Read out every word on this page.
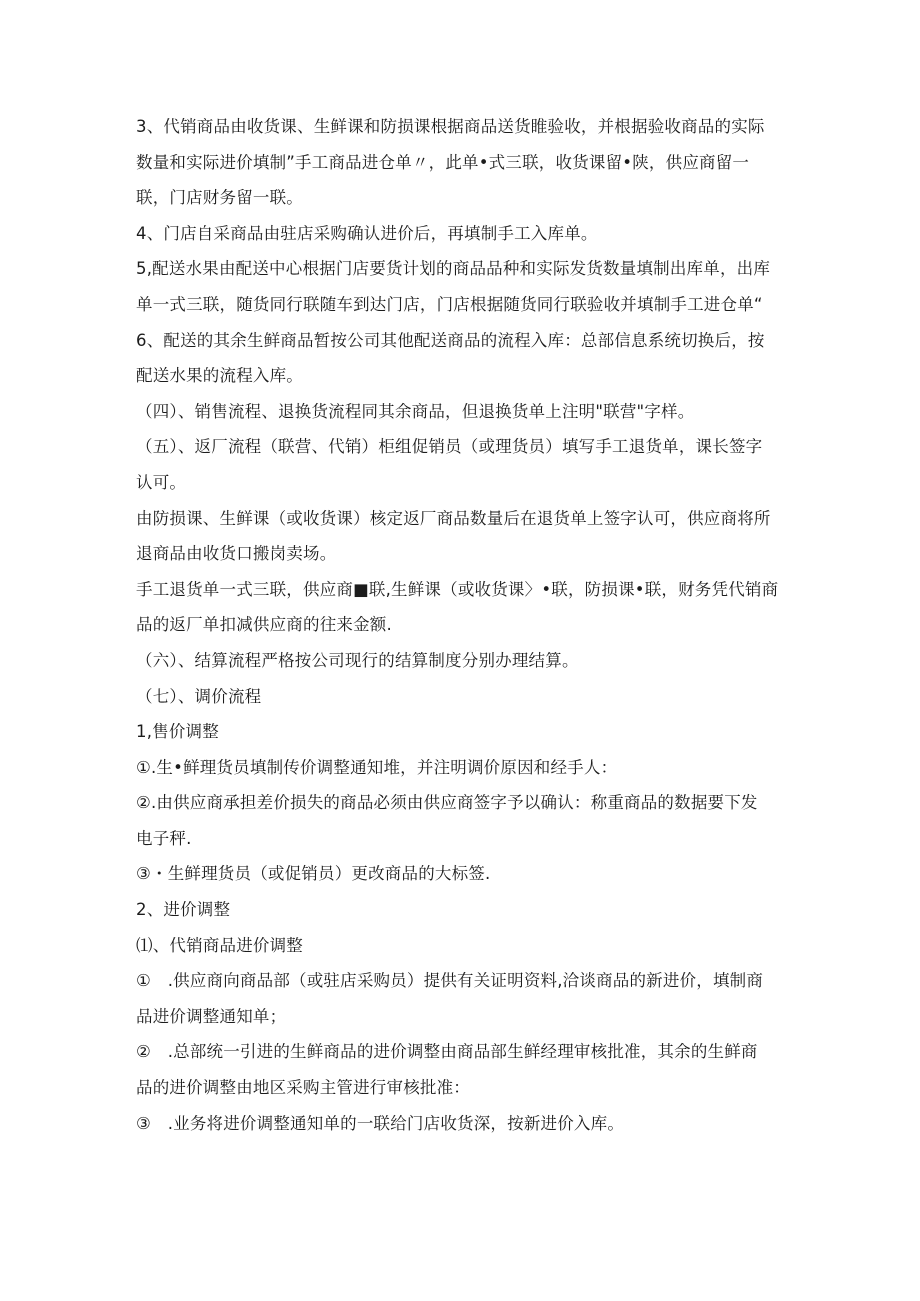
3、代销商品由收货课、生鲜课和防损课根据商品送货睢验收，并根据验收商品的实际
数量和实际进价填制”手工商品进仓单〃，此单•式三联，收货课留•陕，供应商留一
联，门店财务留一联。
4、门店自采商品由驻店采购确认进价后，再填制手工入库单。
5,配送水果由配送中心根据门店要货计划的商品品种和实际发货数量填制出库单，出库
单一式三联，随货同行联随车到达门店，门店根据随货同行联验收并填制手工进仓单“
6、配送的其余生鲜商品暂按公司其他配送商品的流程入库：总部信息系统切换后，按
配送水果的流程入库。
（四）、销售流程、退换货流程同其余商品，但退换货单上注明"联营"字样。
（五）、返厂流程（联营、代销）柜组促销员（或理货员）填写手工退货单，课长签字
认可。
由防损课、生鲜课（或收货课）核定返厂商品数量后在退货单上签字认可，供应商将所
退商品由收货口搬岗卖场。
手工退货单一式三联，供应商■联,生鲜课（或收货课〉•联，防损课•联，财务凭代销商
品的返厂单扣减供应商的往来金额.
（六）、结算流程严格按公司现行的结算制度分别办理结算。
（七）、调价流程
1,售价调整
①.生•鲜理货员填制传价调整通知堆，并注明调价原因和经手人：
②.由供应商承担差价损失的商品必须由供应商签字予以确认：称重商品的数据要下发
电子秤.
③・生鲜理货员（或促销员）更改商品的大标签.
2、进价调整
⑴、代销商品进价调整
①　.供应商向商品部（或驻店采购员）提供有关证明资料,洽谈商品的新进价，填制商
品进价调整通知单；
②　.总部统一引进的生鲜商品的进价调整由商品部生鲜经理审核批准，其余的生鲜商
品的进价调整由地区采购主管进行审核批准：
③　.业务将进价调整通知单的一联给门店收货深，按新进价入库。
